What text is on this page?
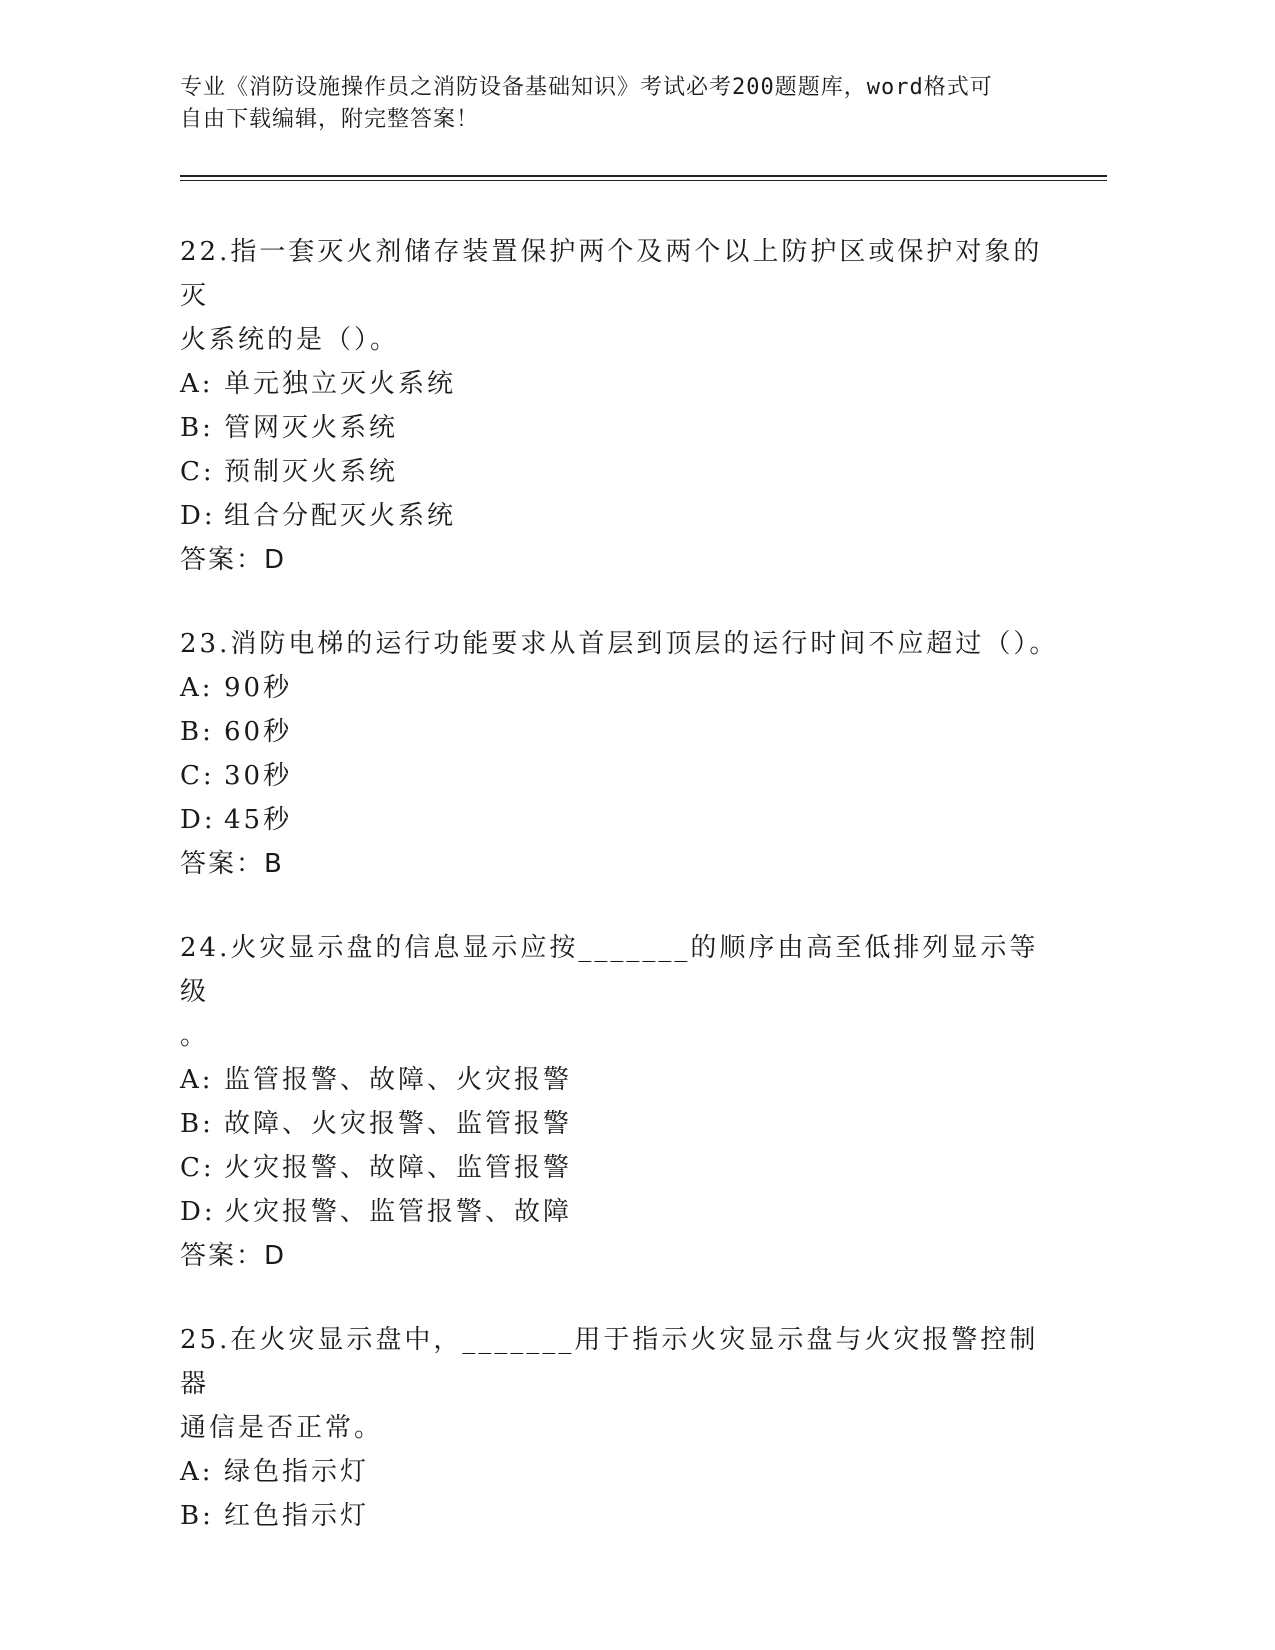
专业《消防设施操作员之消防设备基础知识》考试必考200题题库，word格式可
自由下载编辑，附完整答案！

22.指一套灭火剂储存装置保护两个及两个以上防护区或保护对象的灭
火系统的是（）。

A: 单元独立灭火系统

B: 管网灭火系统

C: 预制灭火系统

D: 组合分配灭火系统

答案：D

23.消防电梯的运行功能要求从首层到顶层的运行时间不应超过（）。

A: 90秒

B: 60秒

C: 30秒

D: 45秒

答案：B

24.火灾显示盘的信息显示应按_______的顺序由高至低排列显示等级
。

A: 监管报警、故障、火灾报警

B: 故障、火灾报警、监管报警

C: 火灾报警、故障、监管报警

D: 火灾报警、监管报警、故障

答案：D

25.在火灾显示盘中，_______用于指示火灾显示盘与火灾报警控制器
通信是否正常。

A: 绿色指示灯

B: 红色指示灯
